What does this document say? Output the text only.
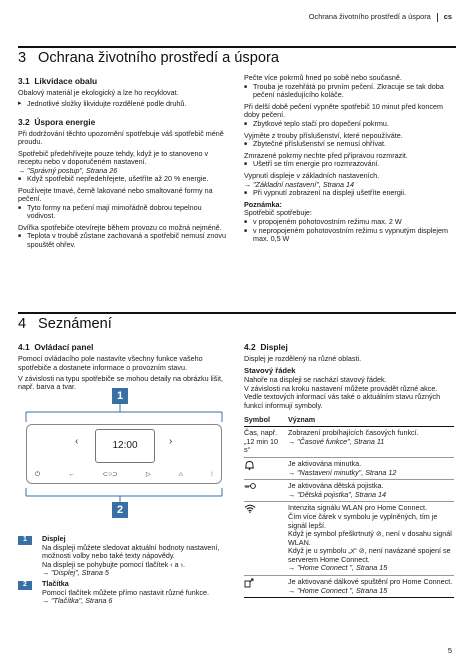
Ochrana životního prostředí a úspora cs
3 Ochrana životního prostředí a úspora
3.1 Likvidace obalu

Obalový materiál je ekologický a lze ho recyklovat.

▸ Jednotlivé složky likvidujte rozdělené podle druhů.

3.2 Úspora energie

Při dodržování těchto upozornění spotřebuje váš spotřebič méně proudu.

Spotřebič předehřívejte pouze tehdy, když je to stanoveno v receptu nebo v doporučeném nastavení.
→ "Správný postup", Strana 26
■ Když spotřebič nepředehřejete, ušetříte až 20 % energie.
Používejte tmavé, černě lakované nebo smaltované formy na pečení.
■ Tyto formy na pečení mají mimořádně dobrou tepelnou vodivost.
Dvířka spotřebiče otevírejte během provozu co možná nejméně.
■ Teplota v troubě zůstane zachovaná a spotřebič nemusí znovu spouštět ohřev.
Pečte více pokrmů hned po sobě nebo současně.
■ Trouba je rozehřátá po prvním pečení. Zkracuje se tak doba pečení následujícího koláče.
Při delší době pečení vypněte spotřebič 10 minut před koncem doby pečení.
■ Zbytkové teplo stačí pro dopečení pokrmu.
Vyjměte z trouby příslušenství, které nepoužíváte.
■ Zbytečné příslušenství se nemusí ohřívat.
Zmrazené pokrmy nechte před přípravou rozmrazit.
■ Ušetří se tím energie pro rozmrazování.
Vypnutí displeje v základních nastaveních.
→ "Základní nastavení", Strana 14
■ Při vypnutí zobrazení na displeji ušetříte energii.
Poznámka:
Spotřebič spotřebuje:
■ v propojeném pohotovostním režimu max. 2 W
■ v nepropojeném pohotovostním režimu s vypnutým displejem max. 0,5 W
4 Seznámení
4.1 Ovládací panel

Pomocí ovládacího pole nastavíte všechny funkce vašeho spotřebiče a dostanete informace o provozním stavu.

V závislosti na typu spotřebiče se mohou detaily na obrázku lišit, např. barva a tvar.

1
‹	12:00	›
⏻	←	⊂○⊃	▷	⌂	⁝
2
1	Displej
Na displeji můžete sledovat aktuální hodnoty nastavení, možnosti volby nebo také texty nápovědy.
Na displeji se pohybujte pomocí tlačítek ‹ a ›.
→ "Displej", Strana 5
2	Tlačítka
Pomocí tlačítek můžete přímo nastavit různé funkce.
→ "Tlačítka", Strana 6
4.2 Displej

Displej je rozdělený na různé oblasti.

Stavový řádek
Nahoře na displeji se nachází stavový řádek.
V závislosti na kroku nastavení můžete provádět různé akce.
Vedle textových informací vás také o aktuálním stavu různých funkcí informují symboly.
Symbol	Význam
Čas, např. „12 min 10 s“	Zobrazení probíhajících časových funkcí.
→ "Časové funkce", Strana 11

Je aktivována minutka.
→ "Nastavení minutky", Strana 12

Je aktivována dětská pojistka.
→ "Dětská pojistka", Strana 14

Intenzita signálu WLAN pro Home Connect.
Čím více čárek v symbolu je vyplněných, tím je signál lepší.
Když je symbol přeškrtnutý ⊘, není v dosahu signál WLAN.
Když je u symbolu „x“ ⊘, není navázané spojení se serverem Home Connect.
→ "Home Connect ", Strana 15

Je aktivované dálkové spuštění pro Home Connect.
→ "Home Connect ", Strana 15
5
